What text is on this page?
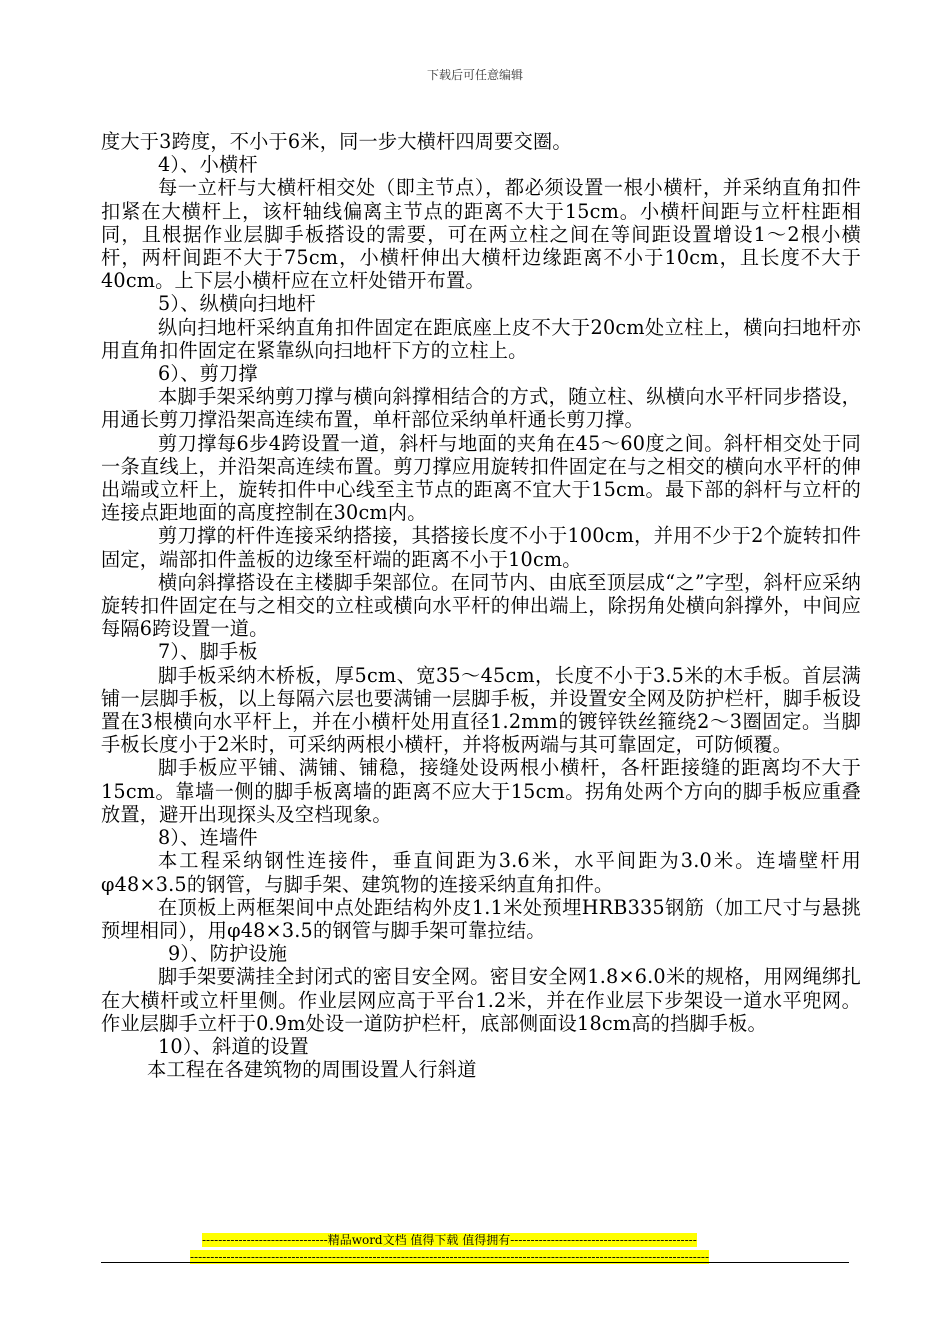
下载后可任意编辑

度大于3跨度，不小于6米，同一步大横杆四周要交圈。

4）、小横杆

每一立杆与大横杆相交处（即主节点），都必须设置一根小横杆，并采纳直角扣件扣紧在大横杆上，该杆轴线偏离主节点的距离不大于15cm。小横杆间距与立杆柱距相同，且根据作业层脚手板搭设的需要，可在两立柱之间在等间距设置增设1～2根小横杆，两杆间距不大于75cm，小横杆伸出大横杆边缘距离不小于10cm，且长度不大于40cm。上下层小横杆应在立杆处错开布置。

5）、纵横向扫地杆

纵向扫地杆采纳直角扣件固定在距底座上皮不大于20cm处立柱上，横向扫地杆亦用直角扣件固定在紧靠纵向扫地杆下方的立柱上。

6）、剪刀撑

本脚手架采纳剪刀撑与横向斜撑相结合的方式，随立柱、纵横向水平杆同步搭设，用通长剪刀撑沿架高连续布置，单杆部位采纳单杆通长剪刀撑。

剪刀撑每6步4跨设置一道，斜杆与地面的夹角在45～60度之间。斜杆相交处于同一条直线上，并沿架高连续布置。剪刀撑应用旋转扣件固定在与之相交的横向水平杆的伸出端或立杆上，旋转扣件中心线至主节点的距离不宜大于15cm。最下部的斜杆与立杆的连接点距地面的高度控制在30cm内。

剪刀撑的杆件连接采纳搭接，其搭接长度不小于100cm，并用不少于2个旋转扣件固定，端部扣件盖板的边缘至杆端的距离不小于10cm。

横向斜撑搭设在主楼脚手架部位。在同节内、由底至顶层成“之”字型，斜杆应采纳旋转扣件固定在与之相交的立柱或横向水平杆的伸出端上，除拐角处横向斜撑外，中间应每隔6跨设置一道。

7）、脚手板

脚手板采纳木桥板，厚5cm、宽35～45cm，长度不小于3.5米的木手板。首层满铺一层脚手板，以上每隔六层也要满铺一层脚手板，并设置安全网及防护栏杆，脚手板设置在3根横向水平杆上，并在小横杆处用直径1.2mm的镀锌铁丝箍绕2～3圈固定。当脚手板长度小于2米时，可采纳两根小横杆，并将板两端与其可靠固定，可防倾覆。

脚手板应平铺、满铺、铺稳，接缝处设两根小横杆，各杆距接缝的距离均不大于15cm。靠墙一侧的脚手板离墙的距离不应大于15cm。拐角处两个方向的脚手板应重叠放置，避开出现探头及空档现象。

8）、连墙件

本工程采纳钢性连接件，垂直间距为3.6米，水平间距为3.0米。连墙壁杆用φ48×3.5的钢管，与脚手架、建筑物的连接采纳直角扣件。

在顶板上两框架间中点处距结构外皮1.1米处预埋HRB335钢筋（加工尺寸与悬挑预埋相同），用φ48×3.5的钢管与脚手架可靠拉结。

9）、防护设施

脚手架要满挂全封闭式的密目安全网。密目安全网1.8×6.0米的规格，用网绳绑扎在大横杆或立杆里侧。作业层网应高于平台1.2米，并在作业层下步架设一道水平兜网。作业层脚手立杆于0.9m处设一道防护栏杆，底部侧面设18cm高的挡脚手板。

10）、斜道的设置

本工程在各建筑物的周围设置人行斜道

-------------------------------精品word文档 值得下载 值得拥有----------------------------------------------
--------------------------------------------------------------------------------------------------------------------------------
